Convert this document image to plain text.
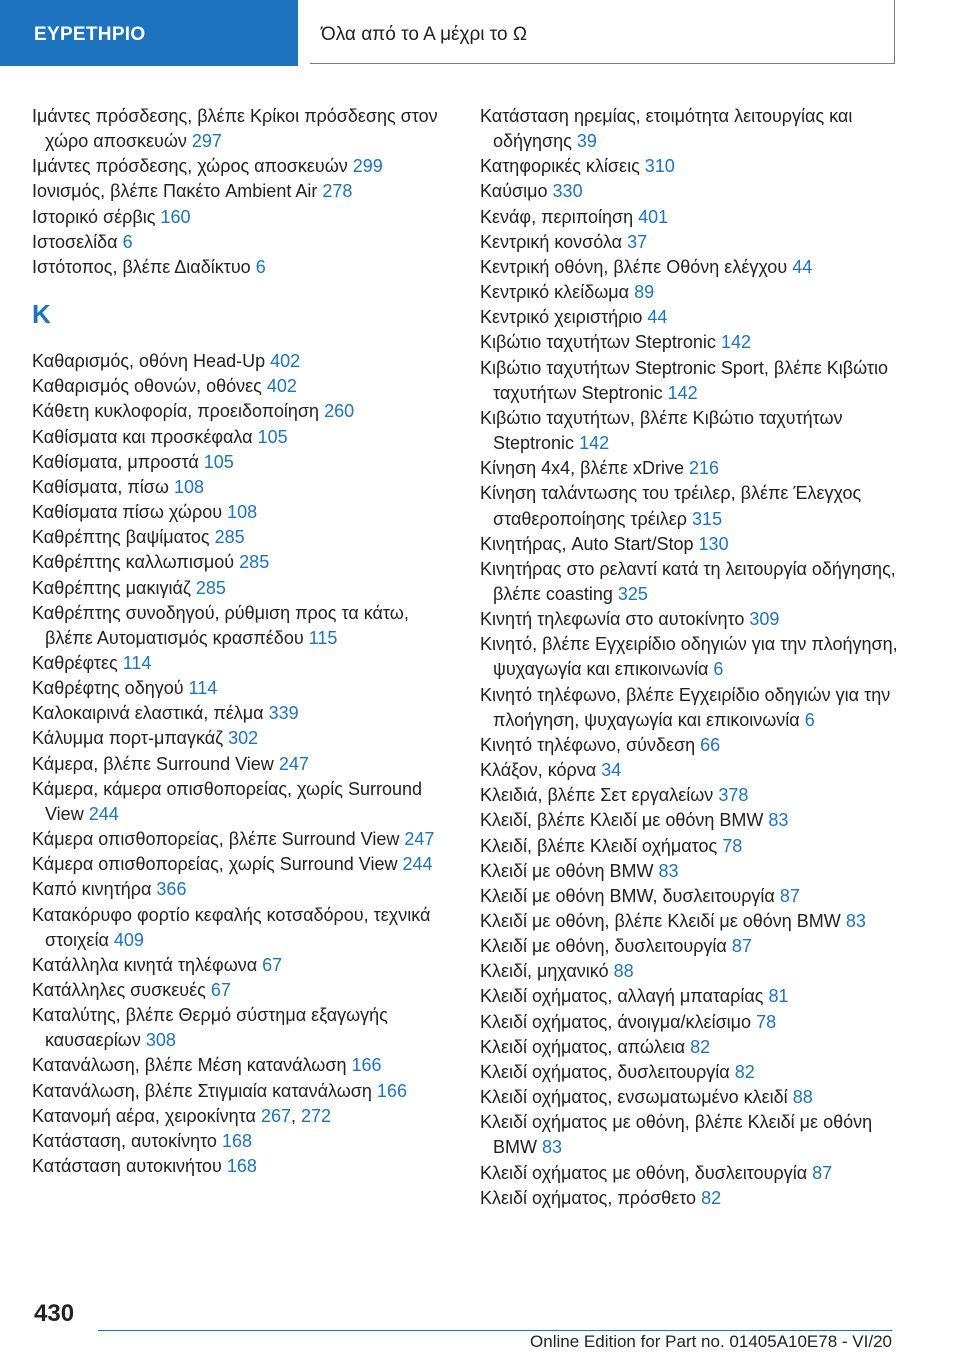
ΕΥΡΕΤΗΡΙΟ	Όλα από το Α μέχρι το Ω
Ιμάντες πρόσδεσης, βλέπε Κρίκοι πρόσδεσης στον χώρο αποσκευών 297
Ιμάντες πρόσδεσης, χώρος αποσκευών 299
Ιονισμός, βλέπε Πακέτο Ambient Air 278
Ιστορικό σέρβις 160
Ιστοσελίδα 6
Ιστότοπος, βλέπε Διαδίκτυο 6
K
Καθαρισμός, οθόνη Head-Up 402
Καθαρισμός οθονών, οθόνες 402
Κάθετη κυκλοφορία, προειδοποίηση 260
Καθίσματα και προσκέφαλα 105
Καθίσματα, μπροστά 105
Καθίσματα, πίσω 108
Καθίσματα πίσω χώρου 108
Καθρέπτης βαψίματος 285
Καθρέπτης καλλωπισμού 285
Καθρέπτης μακιγιάζ 285
Καθρέπτης συνοδηγού, ρύθμιση προς τα κάτω, βλέπε Αυτοματισμός κρασπέδου 115
Καθρέφτες 114
Καθρέφτης οδηγού 114
Καλοκαιρινά ελαστικά, πέλμα 339
Κάλυμμα πορτ-μπαγκάζ 302
Κάμερα, βλέπε Surround View 247
Κάμερα, κάμερα οπισθοπορείας, χωρίς Surround View 244
Κάμερα οπισθοπορείας, βλέπε Surround View 247
Κάμερα οπισθοπορείας, χωρίς Surround View 244
Καπό κινητήρα 366
Κατακόρυφο φορτίο κεφαλής κοτσαδόρου, τεχνικά στοιχεία 409
Κατάλληλα κινητά τηλέφωνα 67
Κατάλληλες συσκευές 67
Καταλύτης, βλέπε Θερμό σύστημα εξαγωγής καυσαερίων 308
Κατανάλωση, βλέπε Μέση κατανάλωση 166
Κατανάλωση, βλέπε Στιγμιαία κατανάλωση 166
Κατανομή αέρα, χειροκίνητα 267, 272
Κατάσταση, αυτοκίνητο 168
Κατάσταση αυτοκινήτου 168
Κατάσταση ηρεμίας, ετοιμότητα λειτουργίας και οδήγησης 39
Κατηφορικές κλίσεις 310
Καύσιμο 330
Κενάφ, περιποίηση 401
Κεντρική κονσόλα 37
Κεντρική οθόνη, βλέπε Οθόνη ελέγχου 44
Κεντρικό κλείδωμα 89
Κεντρικό χειριστήριο 44
Κιβώτιο ταχυτήτων Steptronic 142
Κιβώτιο ταχυτήτων Steptronic Sport, βλέπε Κιβώτιο ταχυτήτων Steptronic 142
Κιβώτιο ταχυτήτων, βλέπε Κιβώτιο ταχυτήτων Steptronic 142
Κίνηση 4x4, βλέπε xDrive 216
Κίνηση ταλάντωσης του τρέιλερ, βλέπε Έλεγχος σταθεροποίησης τρέιλερ 315
Κινητήρας, Auto Start/Stop 130
Κινητήρας στο ρελαντί κατά τη λειτουργία οδήγησης, βλέπε coasting 325
Κινητή τηλεφωνία στο αυτοκίνητο 309
Κινητό, βλέπε Εγχειρίδιο οδηγιών για την πλοήγηση, ψυχαγωγία και επικοινωνία 6
Κινητό τηλέφωνο, βλέπε Εγχειρίδιο οδηγιών για την πλοήγηση, ψυχαγωγία και επικοινωνία 6
Κινητό τηλέφωνο, σύνδεση 66
Κλάξον, κόρνα 34
Κλειδιά, βλέπε Σετ εργαλείων 378
Κλειδί, βλέπε Κλειδί με οθόνη BMW 83
Κλειδί, βλέπε Κλειδί οχήματος 78
Κλειδί με οθόνη BMW 83
Κλειδί με οθόνη BMW, δυσλειτουργία 87
Κλειδί με οθόνη, βλέπε Κλειδί με οθόνη BMW 83
Κλειδί με οθόνη, δυσλειτουργία 87
Κλειδί, μηχανικό 88
Κλειδί οχήματος, αλλαγή μπαταρίας 81
Κλειδί οχήματος, άνοιγμα/κλείσιμο 78
Κλειδί οχήματος, απώλεια 82
Κλειδί οχήματος, δυσλειτουργία 82
Κλειδί οχήματος, ενσωματωμένο κλειδί 88
Κλειδί οχήματος με οθόνη, βλέπε Κλειδί με οθόνη BMW 83
Κλειδί οχήματος με οθόνη, δυσλειτουργία 87
Κλειδί οχήματος, πρόσθετο 82
430
Online Edition for Part no. 01405A10E78 - VI/20
